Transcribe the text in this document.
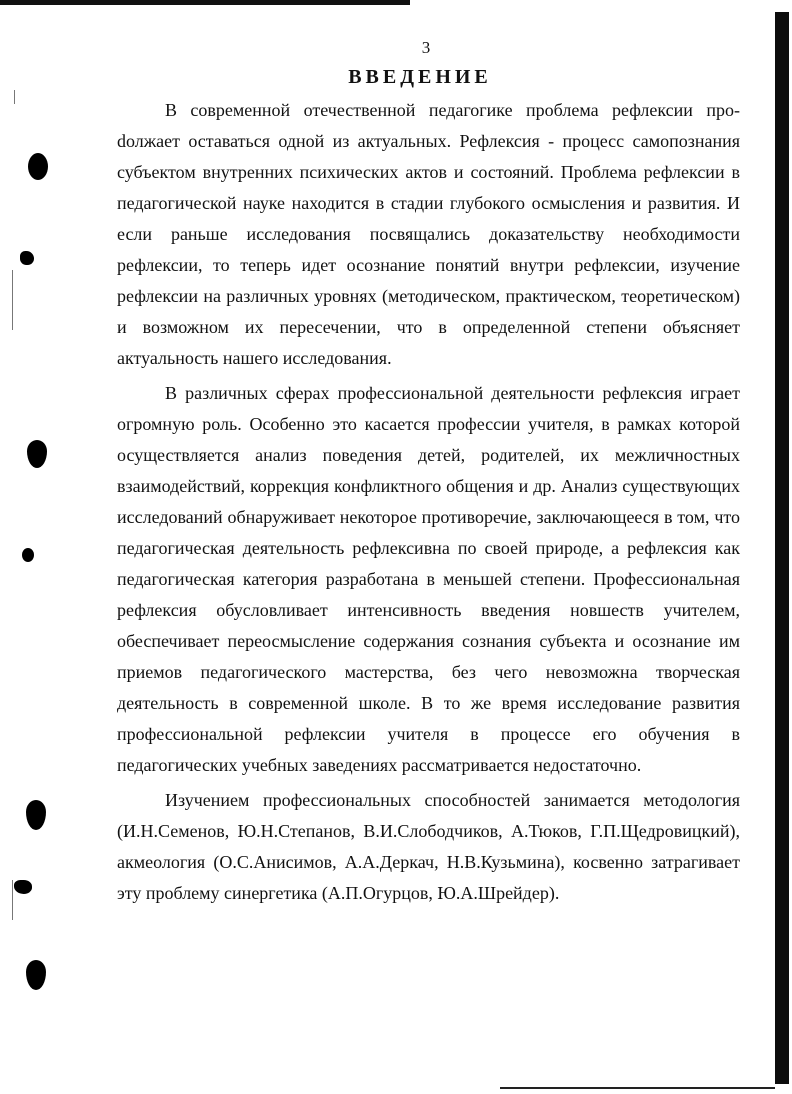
3
ВВЕДЕНИЕ

В современной отечественной педагогике проблема рефлексии проdолжает оставаться одной из актуальных. Рефлексия - процесс самопознания субъектом внутренних психических актов и состояний. Проблема рефлексии в педагогической науке находится в стадии глубокого осмысления и развития. И если раньше исследования посвящались доказательству необходимости рефлексии, то теперь идет осознание понятий внутри рефлексии, изучение рефлексии на различных уровнях (методическом, практическом, теоретическом) и возможном их пересечении, что в определенной степени объясняет актуальность нашего исследования.

В различных сферах профессиональной деятельности рефлексия играет огромную роль. Особенно это касается профессии учителя, в рамках которой осуществляется анализ поведения детей, родителей, их межличностных взаимодействий, коррекция конфликтного общения и др. Анализ существующих исследований обнаруживает некоторое противоречие, заключающееся в том, что педагогическая деятельность рефлексивна по своей природе, а рефлексия как педагогическая категория разработана в меньшей степени. Профессиональная рефлексия обусловливает интенсивность введения новшеств учителем, обеспечивает переосмысление содержания сознания субъекта и осознание им приемов педагогического мастерства, без чего невозможна творческая деятельность в современной школе. В то же время исследование развития профессиональной рефлексии учителя в процессе его обучения в педагогических учебных заведениях рассматривается недостаточно.

Изучением профессиональных способностей занимается методология (И.Н.Семенов, Ю.Н.Степанов, В.И.Слободчиков, А.Тюков, Г.П.Щедровицкий), акмеология (О.С.Анисимов, А.А.Деркач, Н.В.Кузьмина), косвенно затрагивает эту проблему синергетика (А.П.Огурцов, Ю.А.Шрейдер).
